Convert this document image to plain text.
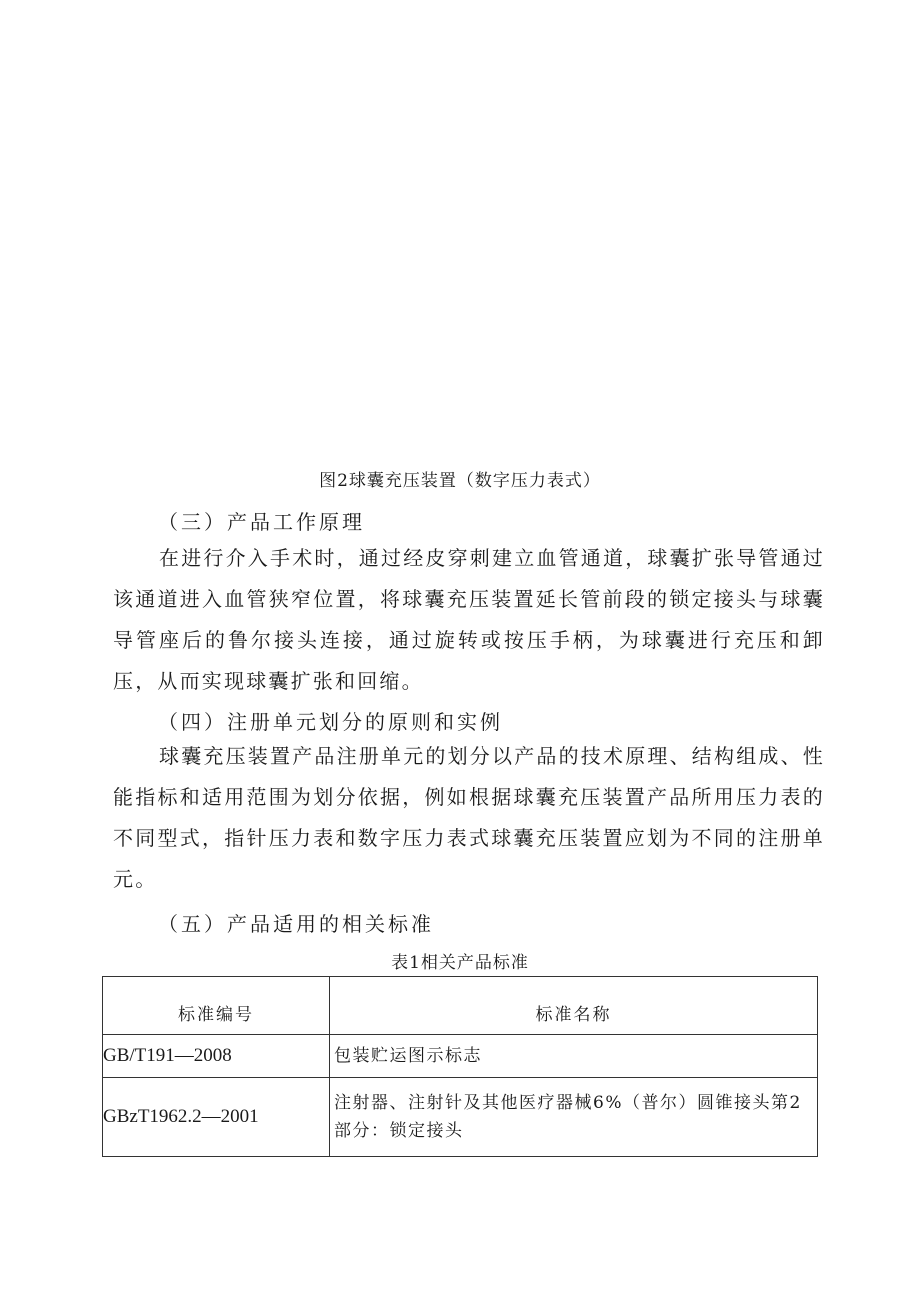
图2球囊充压装置（数字压力表式）
（三）产品工作原理

在进行介入手术时，通过经皮穿刺建立血管通道，球囊扩张导管通过该通道进入血管狭窄位置，将球囊充压装置延长管前段的锁定接头与球囊导管座后的鲁尔接头连接，通过旋转或按压手柄，为球囊进行充压和卸压，从而实现球囊扩张和回缩。

（四）注册单元划分的原则和实例

球囊充压装置产品注册单元的划分以产品的技术原理、结构组成、性能指标和适用范围为划分依据，例如根据球囊充压装置产品所用压力表的不同型式，指针压力表和数字压力表式球囊充压装置应划为不同的注册单元。

（五）产品适用的相关标准
表1相关产品标准
标准编号	标准名称
GB/T191—2008	包装贮运图示标志
GBzT1962.2—2001	注射器、注射针及其他医疗器械6%（普尔）圆锥接头第2部分：锁定接头
